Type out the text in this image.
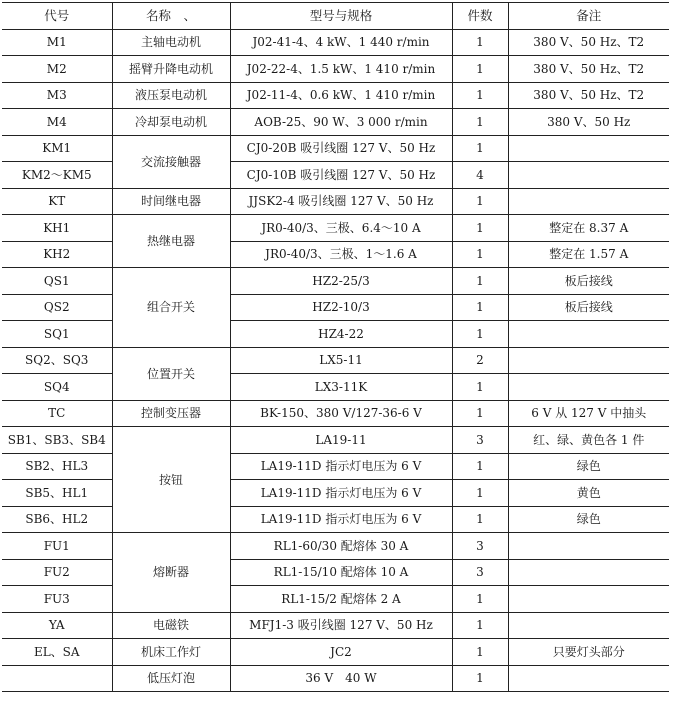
代号	名称　、	型号与规格	件数	备注
M1	主轴电动机	J02-41-4、4 kW、1 440 r/min	1	380 V、50 Hz、T2
M2	摇臂升降电动机	J02-22-4、1.5 kW、1 410 r/min	1	380 V、50 Hz、T2
M3	液压泵电动机	J02-11-4、0.6 kW、1 410 r/min	1	380 V、50 Hz、T2
M4	冷却泵电动机	AOB-25、90 W、3 000 r/min	1	380 V、50 Hz
KM1	交流接触器	CJ0-20B 吸引线圈 127 V、50 Hz	1	
KM2～KM5		CJ0-10B 吸引线圈 127 V、50 Hz	4	
KT	时间继电器	JJSK2-4 吸引线圈 127 V、50 Hz	1	
KH1	热继电器	JR0-40/3、三极、6.4～10 A	1	整定在 8.37 A
KH2		JR0-40/3、三极、1～1.6 A	1	整定在 1.57 A
QS1	组合开关	HZ2-25/3	1	板后接线
QS2		HZ2-10/3	1	板后接线
SQ1		HZ4-22	1	
SQ2、SQ3	位置开关	LX5-11	2	
SQ4		LX3-11K	1	
TC	控制变压器	BK-150、380 V/127-36-6 V	1	6 V 从 127 V 中抽头
SB1、SB3、SB4	按钮	LA19-11	3	红、绿、黄色各 1 件
SB2、HL3		LA19-11D 指示灯电压为 6 V	1	绿色
SB5、HL1		LA19-11D 指示灯电压为 6 V	1	黄色
SB6、HL2		LA19-11D 指示灯电压为 6 V	1	绿色
FU1	熔断器	RL1-60/30 配熔体 30 A	3	
FU2		RL1-15/10 配熔体 10 A	3	
FU3		RL1-15/2 配熔体 2 A	1	
YA	电磁铁	MFJ1-3 吸引线圈 127 V、50 Hz	1	
EL、SA	机床工作灯	JC2	1	只要灯头部分
	低压灯泡	36 V　40 W	1	
